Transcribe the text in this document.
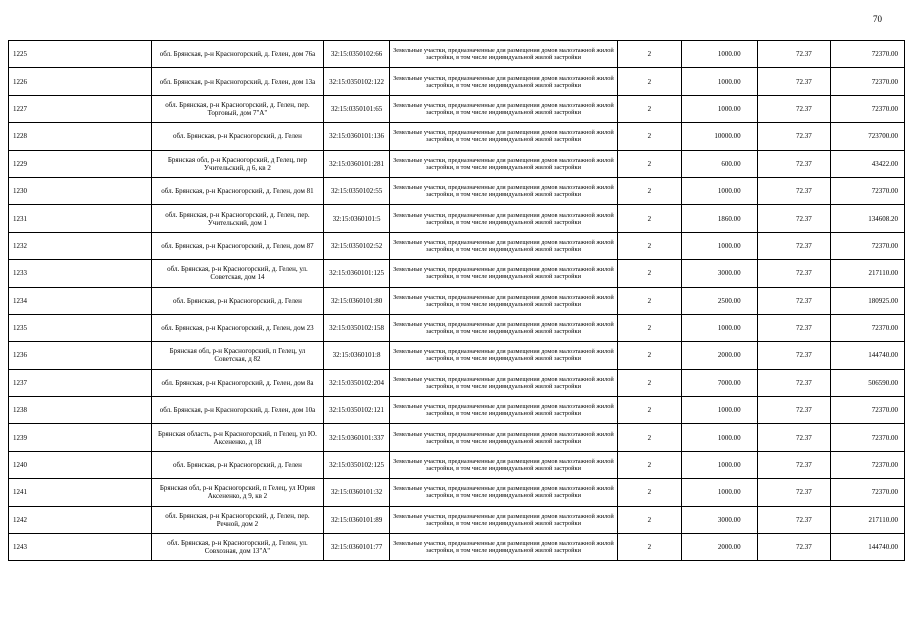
70
1225	обл. Брянская, р-н Красногорский, д. Гелен, дом 76а	32:15:0350102:66	Земельные участки, предназначенные для размещения домов малоэтажной жилой застройки, в том числе индивидуальной жилой застройки	2	1000.00	72.37	72370.00
1226	обл. Брянская, р-н Красногорский, д. Гелен, дом 13а	32:15:0350102:122	Земельные участки, предназначенные для размещения домов малоэтажной жилой застройки, в том числе индивидуальной жилой застройки	2	1000.00	72.37	72370.00
1227	обл. Брянская, р-н Красногорский, д. Гелен, пер. Торговый, дом 7"А"	32:15:0350101:65	Земельные участки, предназначенные для размещения домов малоэтажной жилой застройки, в том числе индивидуальной жилой застройки	2	1000.00	72.37	72370.00
1228	обл. Брянская, р-н Красногорский, д. Гелен	32:15:0360101:136	Земельные участки, предназначенные для размещения домов малоэтажной жилой застройки, в том числе индивидуальной жилой застройки	2	10000.00	72.37	723700.00
1229	Брянская обл, р-н Красногорский, д Гелец, пер Учительский, д 6, кв 2	32:15:0360101:281	Земельные участки, предназначенные для размещения домов малоэтажной жилой застройки, в том числе индивидуальной жилой застройки	2	600.00	72.37	43422.00
1230	обл. Брянская, р-н Красногорский, д. Гелен, дом 81	32:15:0350102:55	Земельные участки, предназначенные для размещения домов малоэтажной жилой застройки, в том числе индивидуальной жилой застройки	2	1000.00	72.37	72370.00
1231	обл. Брянская, р-н Красногорский, д. Гелен, пер. Учительский, дом 1	32:15:0360101:5	Земельные участки, предназначенные для размещения домов малоэтажной жилой застройки, в том числе индивидуальной жилой застройки	2	1860.00	72.37	134608.20
1232	обл. Брянская, р-н Красногорский, д. Гелен, дом 87	32:15:0350102:52	Земельные участки, предназначенные для размещения домов малоэтажной жилой застройки, в том числе индивидуальной жилой застройки	2	1000.00	72.37	72370.00
1233	обл. Брянская, р-н Красногорский, д. Гелен, ул. Советская, дом 14	32:15:0360101:125	Земельные участки, предназначенные для размещения домов малоэтажной жилой застройки, в том числе индивидуальной жилой застройки	2	3000.00	72.37	217110.00
1234	обл. Брянская, р-н Красногорский, д. Гелен	32:15:0360101:80	Земельные участки, предназначенные для размещения домов малоэтажной жилой застройки, в том числе индивидуальной жилой застройки	2	2500.00	72.37	180925.00
1235	обл. Брянская, р-н Красногорский, д. Гелен, дом 23	32:15:0350102:158	Земельные участки, предназначенные для размещения домов малоэтажной жилой застройки, в том числе индивидуальной жилой застройки	2	1000.00	72.37	72370.00
1236	Брянская обл, р-н Красногорский, п Гелец, ул Советская, д 82	32:15:0360101:8	Земельные участки, предназначенные для размещения домов малоэтажной жилой застройки, в том числе индивидуальной жилой застройки	2	2000.00	72.37	144740.00
1237	обл. Брянская, р-н Красногорский, д. Гелен, дом 8а	32:15:0350102:204	Земельные участки, предназначенные для размещения домов малоэтажной жилой застройки, в том числе индивидуальной жилой застройки	2	7000.00	72.37	506590.00
1238	обл. Брянская, р-н Красногорский, д. Гелен, дом 10а	32:15:0350102:121	Земельные участки, предназначенные для размещения домов малоэтажной жилой застройки, в том числе индивидуальной жилой застройки	2	1000.00	72.37	72370.00
1239	Брянская область, р-н Красногорский, п Гелец, ул Ю. Аксененко, д 18	32:15:0360101:337	Земельные участки, предназначенные для размещения домов малоэтажной жилой застройки, в том числе индивидуальной жилой застройки	2	1000.00	72.37	72370.00
1240	обл. Брянская, р-н Красногорский, д. Гелен	32:15:0350102:125	Земельные участки, предназначенные для размещения домов малоэтажной жилой застройки, в том числе индивидуальной жилой застройки	2	1000.00	72.37	72370.00
1241	Брянская обл, р-н Красногорский, п Гелец, ул Юрия Аксененко, д 9, кв 2	32:15:0360101:32	Земельные участки, предназначенные для размещения домов малоэтажной жилой застройки, в том числе индивидуальной жилой застройки	2	1000.00	72.37	72370.00
1242	обл. Брянская, р-н Красногорский, д. Гелен, пер. Речной, дом 2	32:15:0360101:89	Земельные участки, предназначенные для размещения домов малоэтажной жилой застройки, в том числе индивидуальной жилой застройки	2	3000.00	72.37	217110.00
1243	обл. Брянская, р-н Красногорский, д. Гелен, ул. Совхозная, дом 13"А"	32:15:0360101:77	Земельные участки, предназначенные для размещения домов малоэтажной жилой застройки, в том числе индивидуальной жилой застройки	2	2000.00	72.37	144740.00
